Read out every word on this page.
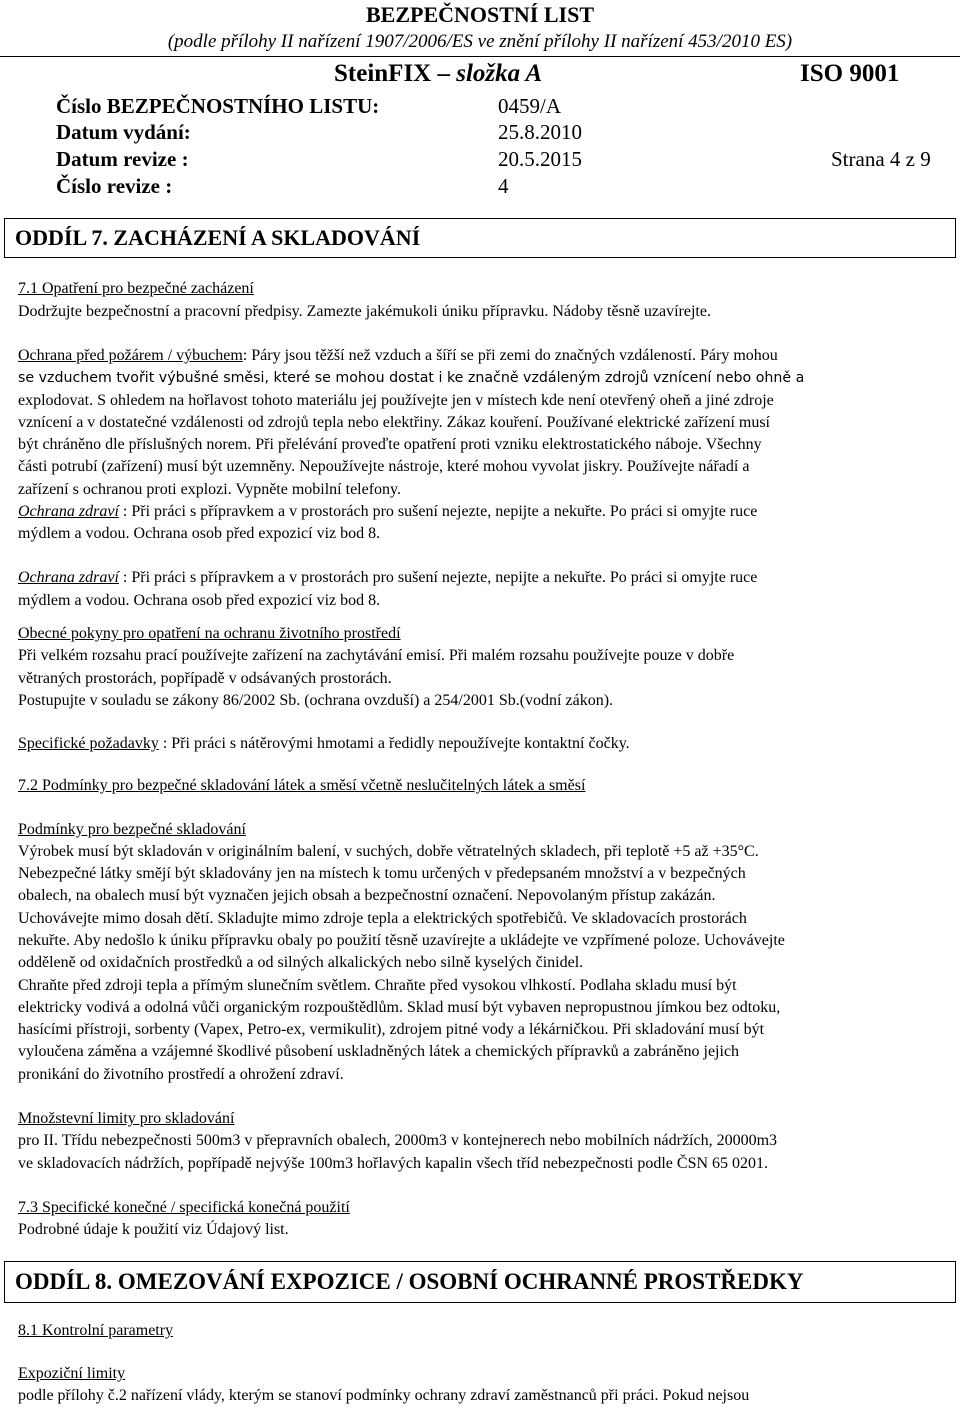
BEZPEČNOSTNÍ LIST
(podle přílohy II nařízení 1907/2006/ES ve znění přílohy II nařízení 453/2010 ES)
SteinFIX – složka A	ISO 9001
Číslo BEZPEČNOSTNÍHO LISTU:	0459/A
Datum vydání:	25.8.2010
Datum revize :	20.5.2015	Strana 4 z 9
Číslo revize :	4
ODDÍL 7. ZACHÁZENÍ A SKLADOVÁNÍ
7.1 Opatření pro bezpečné zacházení
Dodržujte bezpečnostní a pracovní předpisy. Zamezte jakémukoli úniku přípravku. Nádoby těsně uzavírejte.
Ochrana před požárem / výbuchem: Páry jsou těžší než vzduch a šíří se při zemi do značných vzdáleností. Páry mohou
se vzduchem tvořit výbušné směsi, které se mohou dostat i ke značně vzdáleným zdrojů vznícení nebo ohně a
explodovat. S ohledem na hořlavost tohoto materiálu jej používejte jen v místech kde není otevřený oheň a jiné zdroje
vznícení a v dostatečné vzdálenosti od zdrojů tepla nebo elektřiny. Zákaz kouření. Používané elektrické zařízení musí
být chráněno dle příslušných norem. Při přelévání proveďte opatření proti vzniku elektrostatického náboje. Všechny
části potrubí (zařízení) musí být uzemněny. Nepoužívejte nástroje, které mohou vyvolat jiskry. Používejte nářadí a
zařízení s ochranou proti explozi. Vypněte mobilní telefony.
Ochrana zdraví : Při práci s přípravkem a v prostorách pro sušení nejezte, nepijte a nekuřte. Po práci si omyjte ruce
mýdlem a vodou. Ochrana osob před expozicí viz bod 8.
Ochrana zdraví : Při práci s přípravkem a v prostorách pro sušení nejezte, nepijte a nekuřte. Po práci si omyjte ruce
mýdlem a vodou. Ochrana osob před expozicí viz bod 8.
Obecné pokyny pro opatření na ochranu životního prostředí
Při velkém rozsahu prací používejte zařízení na zachytávání emisí. Při malém rozsahu používejte pouze v dobře
větraných prostorách, popřípadě v odsávaných prostorách.
Postupujte v souladu se zákony 86/2002 Sb. (ochrana ovzduší) a 254/2001 Sb.(vodní zákon).
Specifické požadavky : Při práci s nátěrovými hmotami a ředidly nepoužívejte kontaktní čočky.
7.2 Podmínky pro bezpečné skladování látek a směsí včetně neslučitelných látek a směsí
Podmínky pro bezpečné skladování
Výrobek musí být skladován v originálním balení, v suchých, dobře větratelných skladech, při teplotě +5 až +35°C.
Nebezpečné látky smějí být skladovány jen na místech k tomu určených v předepsaném množství a v bezpečných
obalech, na obalech musí být vyznačen jejich obsah a bezpečnostní označení. Nepovolaným přístup zakázán.
Uchovávejte mimo dosah dětí. Skladujte mimo zdroje tepla a elektrických spotřebičů. Ve skladovacích prostorách
nekuřte. Aby nedošlo k úniku přípravku obaly po použití těsně uzavírejte a ukládejte ve vzpřímené poloze. Uchovávejte
odděleně od oxidačních prostředků a od silných alkalických nebo silně kyselých činidel.
Chraňte před zdroji tepla a přímým slunečním světlem. Chraňte před vysokou vlhkostí. Podlaha skladu musí být
elektricky vodivá a odolná vůči organickým rozpouštědlům. Sklad musí být vybaven nepropustnou jímkou bez odtoku,
hasícími přístroji, sorbenty (Vapex, Petro-ex, vermikulit), zdrojem pitné vody a lékárničkou. Při skladování musí být
vyloučena záměna a vzájemné škodlivé působení uskladněných látek a chemických přípravků a zabráněno jejich
pronikání do životního prostředí a ohrožení zdraví.
Množstevní limity pro skladování
pro II. Třídu nebezpečnosti 500m3 v přepravních obalech, 2000m3 v kontejnerech nebo mobilních nádržích, 20000m3
ve skladovacích nádržích, popřípadě nejvýše 100m3 hořlavých kapalin všech tříd nebezpečnosti podle ČSN 65 0201.
7.3 Specifické konečné / specifická konečná použití
Podrobné údaje k použití viz Údajový list.
ODDÍL 8. OMEZOVÁNÍ EXPOZICE / OSOBNÍ OCHRANNÉ PROSTŘEDKY
8.1 Kontrolní parametry
Expoziční limity
podle přílohy č.2 nařízení vlády, kterým se stanoví podmínky ochrany zdraví zaměstnanců při práci. Pokud nejsou
